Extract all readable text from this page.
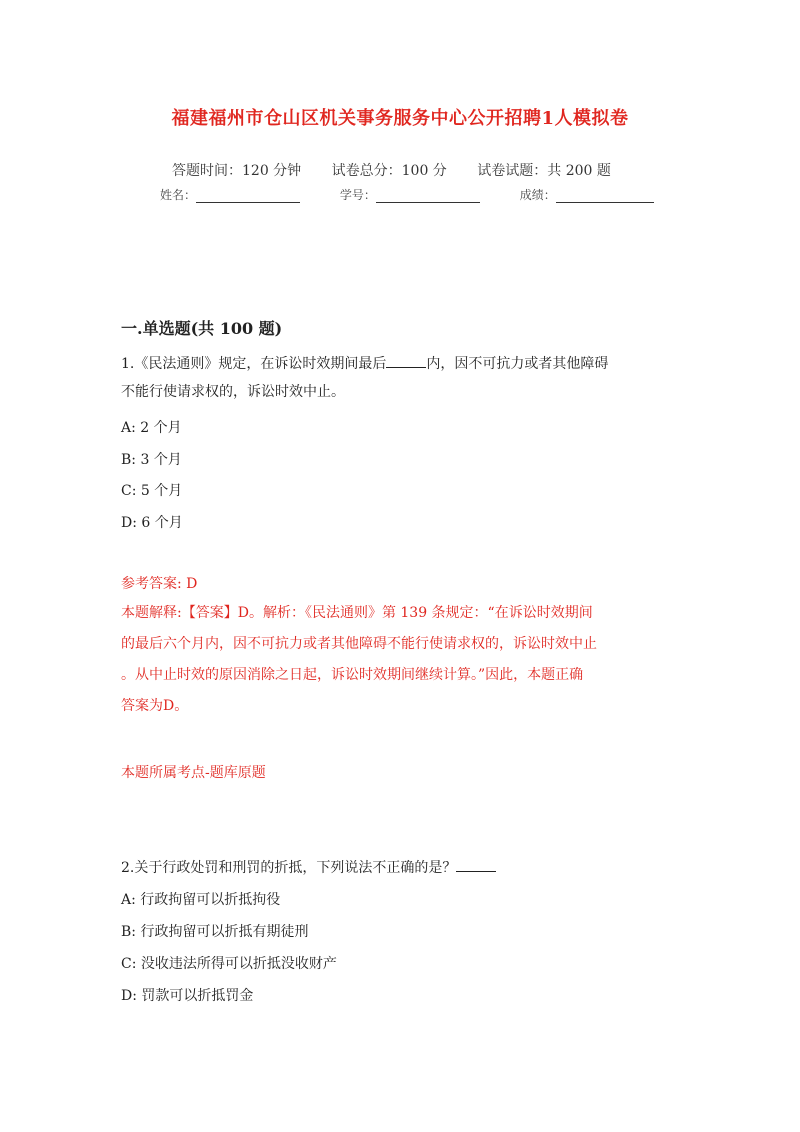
福建福州市仓山区机关事务服务中心公开招聘1人模拟卷
答题时间：120 分钟 试卷总分：100 分 试卷试题：共 200 题
姓名：	学号：	成绩：
一.单选题(共 100 题)
1.《民法通则》规定，在诉讼时效期间最后	内，因不可抗力或者其他障碍
不能行使请求权的，诉讼时效中止。
A: 2 个月
B: 3 个月
C: 5 个月
D: 6 个月
参考答案: D
本题解释:【答案】D。解析：《民法通则》第 139 条规定：“在诉讼时效期间
的最后六个月内，因不可抗力或者其他障碍不能行使请求权的，诉讼时效中止
。从中止时效的原因消除之日起，诉讼时效期间继续计算。”因此，本题正确
答案为D。
本题所属考点-题库原题
2.关于行政处罚和刑罚的折抵，下列说法不正确的是？
A: 行政拘留可以折抵拘役
B: 行政拘留可以折抵有期徒刑
C: 没收违法所得可以折抵没收财产
D: 罚款可以折抵罚金
